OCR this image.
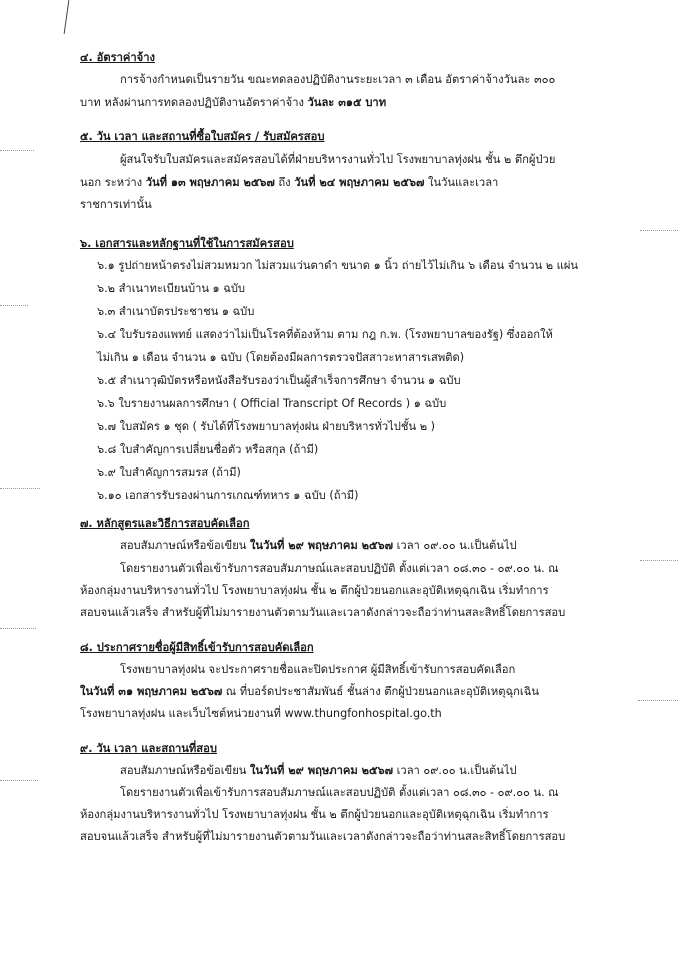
๔. อัตราค่าจ้าง
การจ้างกำหนดเป็นรายวัน ขณะทดลองปฏิบัติงานระยะเวลา ๓ เดือน อัตราค่าจ้างวันละ ๓๐๐
บาท หลังผ่านการทดลองปฏิบัติงานอัตราค่าจ้าง วันละ ๓๑๕ บาท
๕. วัน เวลา และสถานที่ซื้อใบสมัคร / รับสมัครสอบ
ผู้สนใจรับใบสมัครและสมัครสอบได้ที่ฝ่ายบริหารงานทั่วไป โรงพยาบาลทุ่งฝน ชั้น ๒ ตึกผู้ป่วย
นอก ระหว่าง วันที่ ๑๓ พฤษภาคม ๒๕๖๗ ถึง วันที่ ๒๔ พฤษภาคม ๒๕๖๗ ในวันและเวลา
ราชการเท่านั้น
๖. เอกสารและหลักฐานที่ใช้ในการสมัครสอบ
๖.๑ รูปถ่ายหน้าตรงไม่สวมหมวก ไม่สวมแว่นตาดำ ขนาด ๑ นิ้ว ถ่ายไว้ไม่เกิน ๖ เดือน จำนวน ๒ แผ่น
๖.๒ สำเนาทะเบียนบ้าน ๑ ฉบับ
๖.๓ สำเนาบัตรประชาชน ๑ ฉบับ
๖.๔ ใบรับรองแพทย์ แสดงว่าไม่เป็นโรคที่ต้องห้าม ตาม กฎ ก.พ. (โรงพยาบาลของรัฐ) ซึ่งออกให้
ไม่เกิน ๑ เดือน จำนวน ๑ ฉบับ (โดยต้องมีผลการตรวจปัสสาวะหาสารเสพติด)
๖.๕ สำเนาวุฒิบัตรหรือหนังสือรับรองว่าเป็นผู้สำเร็จการศึกษา จำนวน ๑ ฉบับ
๖.๖ ใบรายงานผลการศึกษา ( Official Transcript Of Records ) ๑ ฉบับ
๖.๗ ใบสมัคร ๑ ชุด ( รับได้ที่โรงพยาบาลทุ่งฝน ฝ่ายบริหารทั่วไปชั้น ๒ )
๖.๘ ใบสำคัญการเปลี่ยนชื่อตัว หรือสกุล (ถ้ามี)
๖.๙ ใบสำคัญการสมรส (ถ้ามี)
๖.๑๐ เอกสารรับรองผ่านการเกณฑ์ทหาร ๑ ฉบับ (ถ้ามี)
๗. หลักสูตรและวิธีการสอบคัดเลือก
สอบสัมภาษณ์หรือข้อเขียน ในวันที่ ๒๙ พฤษภาคม ๒๕๖๗ เวลา ๐๙.๐๐ น.เป็นต้นไป
โดยรายงานตัวเพื่อเข้ารับการสอบสัมภาษณ์และสอบปฏิบัติ ตั้งแต่เวลา ๐๘.๓๐ - ๐๙.๐๐ น. ณ
ห้องกลุ่มงานบริหารงานทั่วไป โรงพยาบาลทุ่งฝน ชั้น ๒ ตึกผู้ป่วยนอกและอุบัติเหตุฉุกเฉิน เริ่มทำการ
สอบจนแล้วเสร็จ สำหรับผู้ที่ไม่มารายงานตัวตามวันและเวลาดังกล่าวจะถือว่าท่านสละสิทธิ์โดยการสอบ
๘. ประกาศรายชื่อผู้มีสิทธิ์เข้ารับการสอบคัดเลือก
โรงพยาบาลทุ่งฝน จะประกาศรายชื่อและปิดประกาศ ผู้มีสิทธิ์เข้ารับการสอบคัดเลือก
ในวันที่ ๓๑ พฤษภาคม ๒๕๖๗ ณ ที่บอร์ดประชาสัมพันธ์ ชั้นล่าง ตึกผู้ป่วยนอกและอุบัติเหตุฉุกเฉิน
โรงพยาบาลทุ่งฝน และเว็บไซต์หน่วยงานที่ www.thungfonhospital.go.th
๙. วัน เวลา และสถานที่สอบ
สอบสัมภาษณ์หรือข้อเขียน ในวันที่ ๒๙ พฤษภาคม ๒๕๖๗ เวลา ๐๙.๐๐ น.เป็นต้นไป
โดยรายงานตัวเพื่อเข้ารับการสอบสัมภาษณ์และสอบปฏิบัติ ตั้งแต่เวลา ๐๘.๓๐ - ๐๙.๐๐ น. ณ
ห้องกลุ่มงานบริหารงานทั่วไป โรงพยาบาลทุ่งฝน ชั้น ๒ ตึกผู้ป่วยนอกและอุบัติเหตุฉุกเฉิน เริ่มทำการ
สอบจนแล้วเสร็จ สำหรับผู้ที่ไม่มารายงานตัวตามวันและเวลาดังกล่าวจะถือว่าท่านสละสิทธิ์โดยการสอบ
